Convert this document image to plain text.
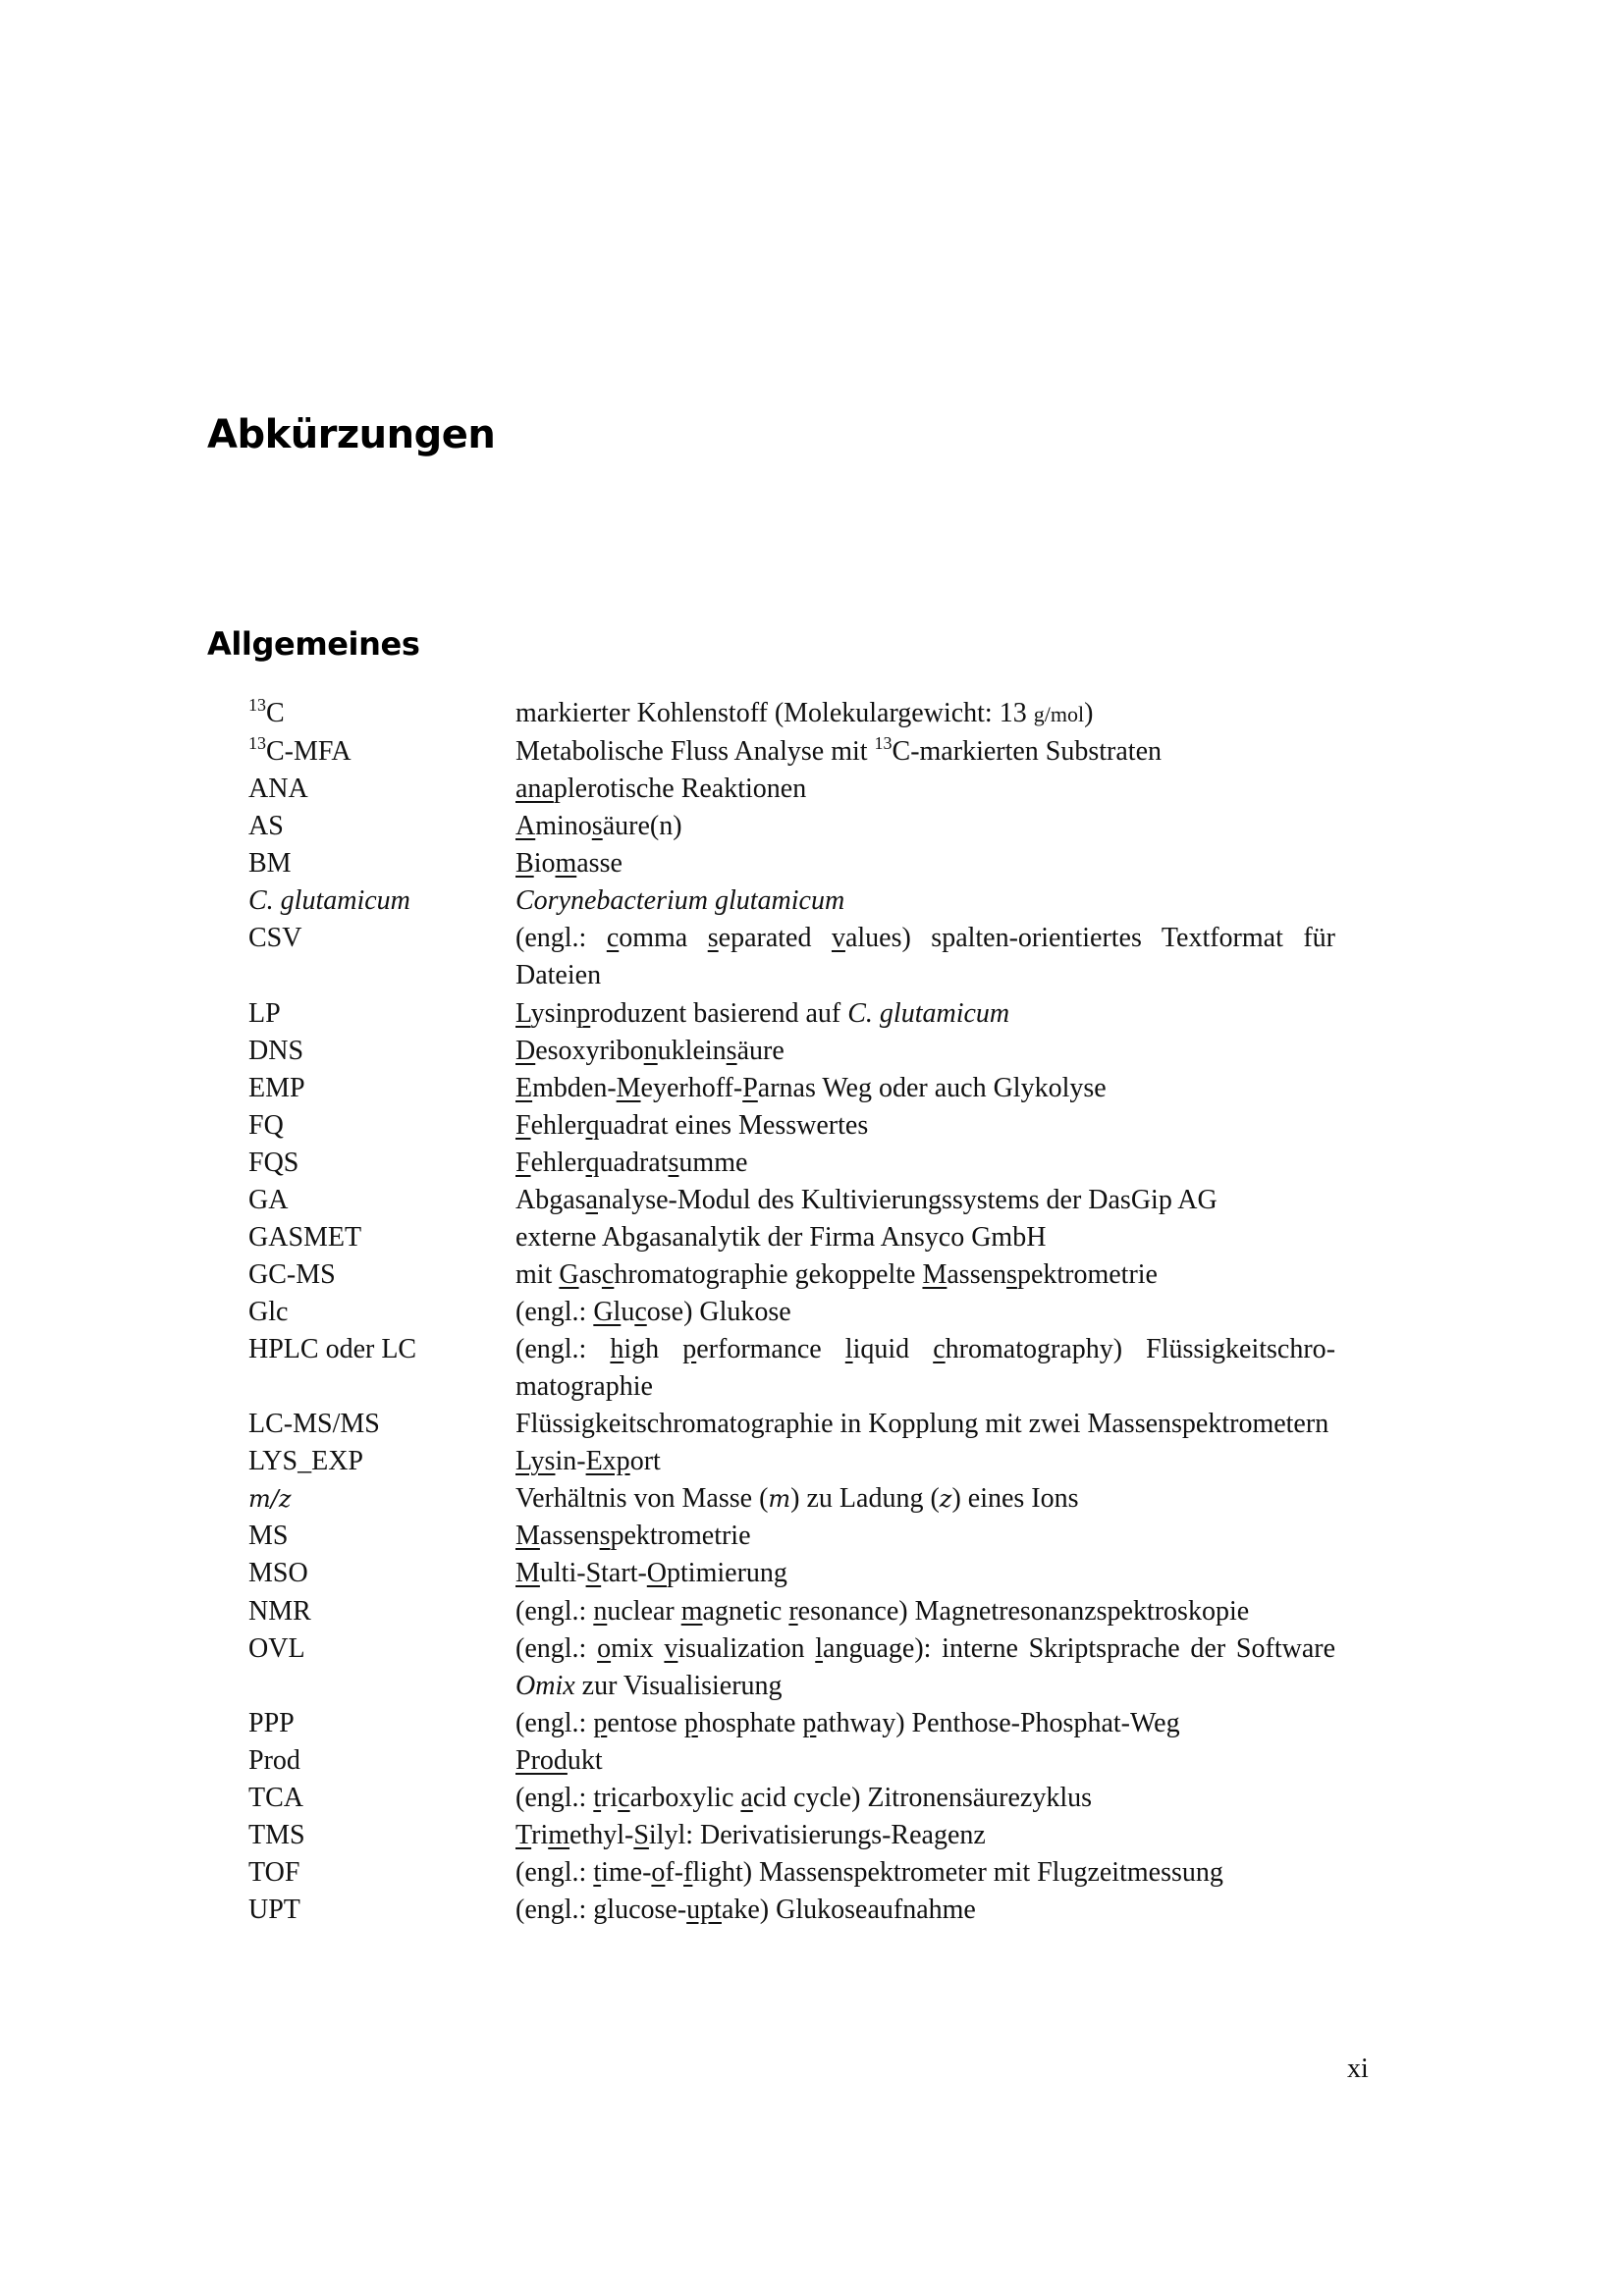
Abkürzungen
Allgemeines
$^{13}$C	markierter Kohlenstoff (Molekulargewicht: 13 g/mol)
$^{13}$C-MFA	Metabolische Fluss Analyse mit $^{13}$C-markierten Substraten
ANA	anaplerotische Reaktionen
AS	Aminosäure(n)
BM	Biomasse
C. glutamicum	Corynebacterium glutamicum
CSV	(engl.: comma separated values) spalten-orientiertes Textformat für Dateien
LP	Lysinproduzent basierend auf C. glutamicum
DNS	Desoxyribonukleinsäure
EMP	Embden-Meyerhoff-Parnas Weg oder auch Glykolyse
FQ	Fehlerquadrat eines Messwertes
FQS	Fehlerquadratsumme
GA	Abgasanalyse-Modul des Kultivierungssystems der DasGip AG
GASMET	externe Abgasanalytik der Firma Ansyco GmbH
GC-MS	mit Gaschromatographie gekoppelte Massenspektrometrie
Glc	(engl.: Glucose) Glukose
HPLC oder LC	(engl.: high performance liquid chromatography) Flüssigkeitschromatographie
LC-MS/MS	Flüssigkeitschromatographie in Kopplung mit zwei Massenspektrometern
LYS_EXP	Lysin-Export
m/z	Verhältnis von Masse (m) zu Ladung (z) eines Ions
MS	Massenspektrometrie
MSO	Multi-Start-Optimierung
NMR	(engl.: nuclear magnetic resonance) Magnetresonanzspektroskopie
OVL	(engl.: omix visualization language): interne Skriptsprache der Software Omix zur Visualisierung
PPP	(engl.: pentose phosphate pathway) Penthose-Phosphat-Weg
Prod	Produkt
TCA	(engl.: tricarboxylic acid cycle) Zitronensäurezyklus
TMS	Trimethyl-Silyl: Derivatisierungs-Reagenz
TOF	(engl.: time-of-flight) Massenspektrometer mit Flugzeitmessung
UPT	(engl.: glucose-uptake) Glukoseaufnahme
xi
